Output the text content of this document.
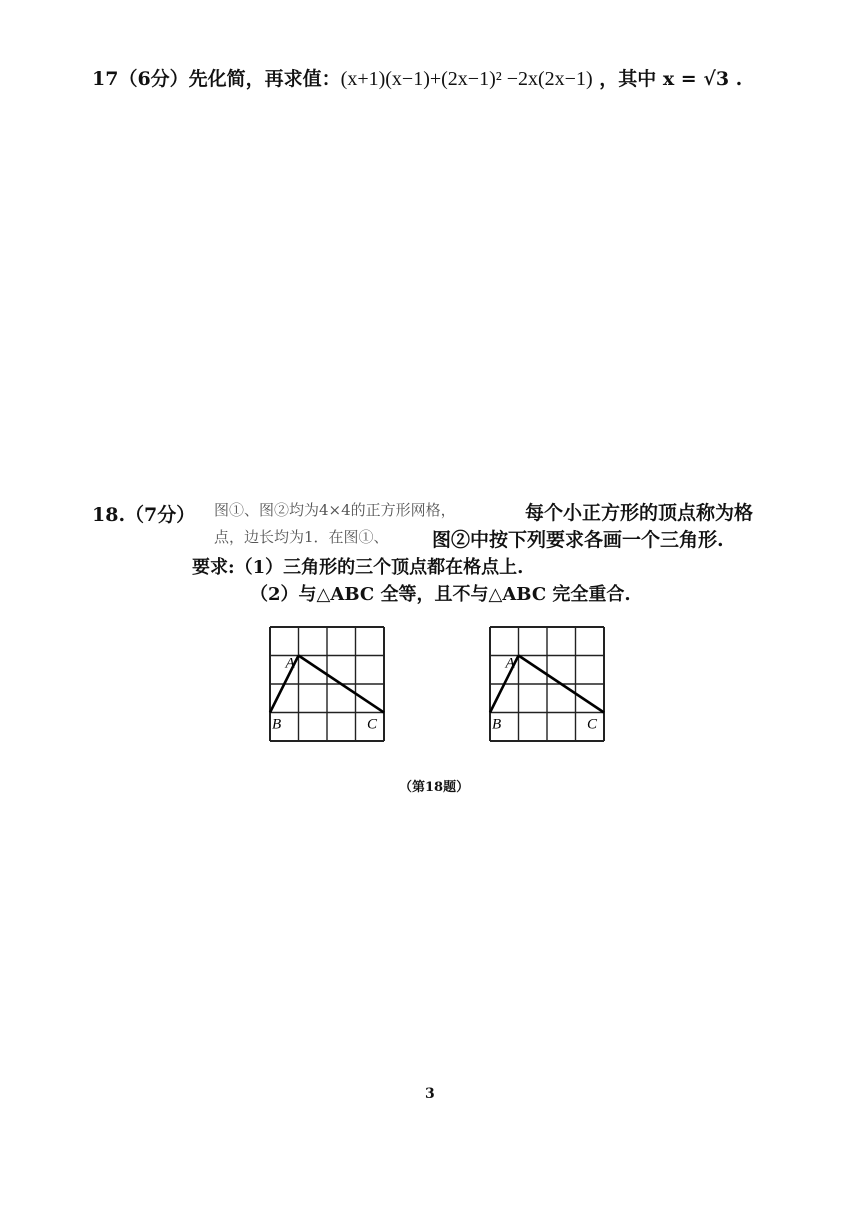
17（6分）先化简，再求值：(x+1)(x−1)+(2x−1)² −2x(2x−1) ，其中 x = √3 .
18.（7分） 图①、图②均为4×4的正方形网格，	每个小正方形的顶点称为格
点，边长均为1．在图①、 图②中按下列要求各画一个三角形.
要求:（1）三角形的三个顶点都在格点上.
（2）与△ABC 全等，且不与△ABC 完全重合.
A
B	C
A
B	C
（第18题）
3
